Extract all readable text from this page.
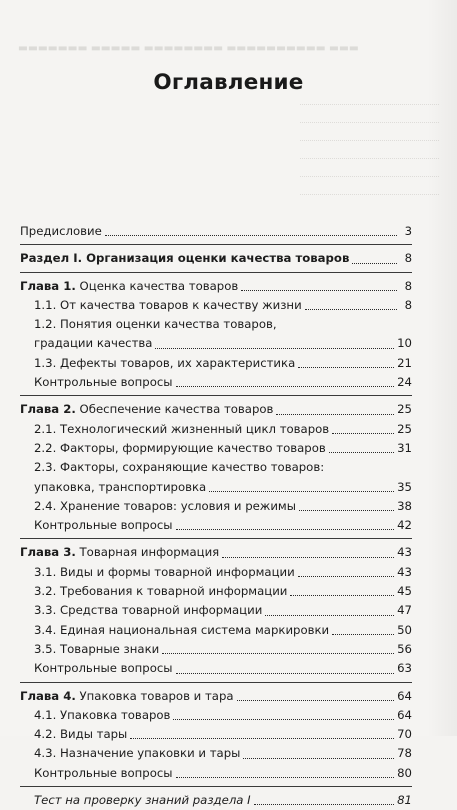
▬▬▬ ▬▬▬▬▬▬▬▬▬▬ ▬▬▬▬▬▬▬▬ ▬▬▬▬▬ ▬▬▬▬▬▬▬
Оглавление
Предисловие	3
Раздел I. Организация оценки качества товаров	8
Глава 1. Оценка качества товаров	8
1.1. От качества товаров к качеству жизни	8
1.2. Понятия оценки качества товаров,
градации качества	10
1.3. Дефекты товаров, их характеристика	21
Контрольные вопросы	24
Глава 2. Обеспечение качества товаров	25
2.1. Технологический жизненный цикл товаров	25
2.2. Факторы, формирующие качество товаров	31
2.3. Факторы, сохраняющие качество товаров:
упаковка, транспортировка	35
2.4. Хранение товаров: условия и режимы	38
Контрольные вопросы	42
Глава 3. Товарная информация	43
3.1. Виды и формы товарной информации	43
3.2. Требования к товарной информации	45
3.3. Средства товарной информации	47
3.4. Единая национальная система маркировки	50
3.5. Товарные знаки	56
Контрольные вопросы	63
Глава 4. Упаковка товаров и тара	64
4.1. Упаковка товаров	64
4.2. Виды тары	70
4.3. Назначение упаковки и тары	78
Контрольные вопросы	80
Тест на проверку знаний раздела I	81
